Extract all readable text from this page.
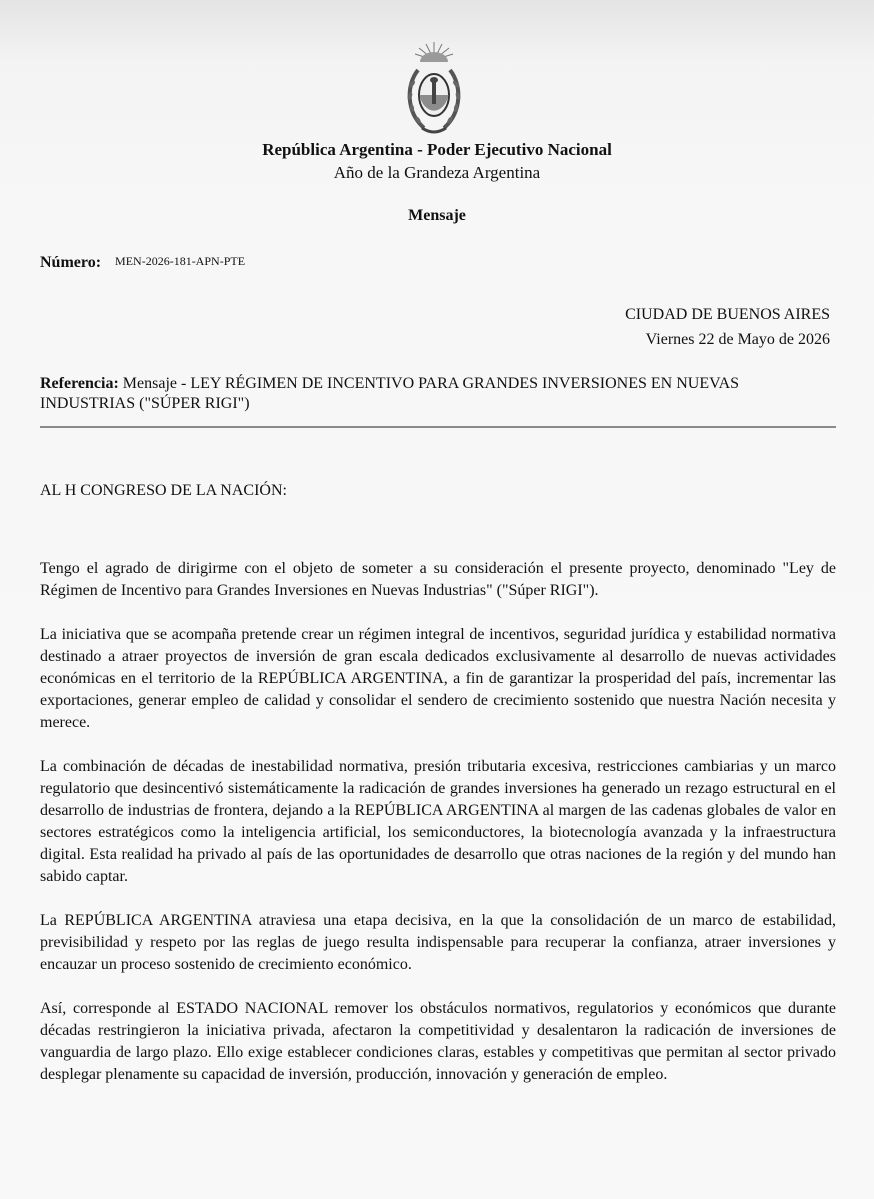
República Argentina - Poder Ejecutivo Nacional
Año de la Grandeza Argentina
Mensaje
Número: MEN-2026-181-APN-PTE
CIUDAD DE BUENOS AIRES
Viernes 22 de Mayo de 2026
Referencia: Mensaje - LEY RÉGIMEN DE INCENTIVO PARA GRANDES INVERSIONES EN NUEVAS INDUSTRIAS ("SÚPER RIGI")
AL H CONGRESO DE LA NACIÓN:

Tengo el agrado de dirigirme con el objeto de someter a su consideración el presente proyecto, denominado "Ley de Régimen de Incentivo para Grandes Inversiones en Nuevas Industrias" ("Súper RIGI").

La iniciativa que se acompaña pretende crear un régimen integral de incentivos, seguridad jurídica y estabilidad normativa destinado a atraer proyectos de inversión de gran escala dedicados exclusivamente al desarrollo de nuevas actividades económicas en el territorio de la REPÚBLICA ARGENTINA, a fin de garantizar la prosperidad del país, incrementar las exportaciones, generar empleo de calidad y consolidar el sendero de crecimiento sostenido que nuestra Nación necesita y merece.

La combinación de décadas de inestabilidad normativa, presión tributaria excesiva, restricciones cambiarias y un marco regulatorio que desincentivó sistemáticamente la radicación de grandes inversiones ha generado un rezago estructural en el desarrollo de industrias de frontera, dejando a la REPÚBLICA ARGENTINA al margen de las cadenas globales de valor en sectores estratégicos como la inteligencia artificial, los semiconductores, la biotecnología avanzada y la infraestructura digital. Esta realidad ha privado al país de las oportunidades de desarrollo que otras naciones de la región y del mundo han sabido captar.

La REPÚBLICA ARGENTINA atraviesa una etapa decisiva, en la que la consolidación de un marco de estabilidad, previsibilidad y respeto por las reglas de juego resulta indispensable para recuperar la confianza, atraer inversiones y encauzar un proceso sostenido de crecimiento económico.

Así, corresponde al ESTADO NACIONAL remover los obstáculos normativos, regulatorios y económicos que durante décadas restringieron la iniciativa privada, afectaron la competitividad y desalentaron la radicación de inversiones de vanguardia de largo plazo. Ello exige establecer condiciones claras, estables y competitivas que permitan al sector privado desplegar plenamente su capacidad de inversión, producción, innovación y generación de empleo.
